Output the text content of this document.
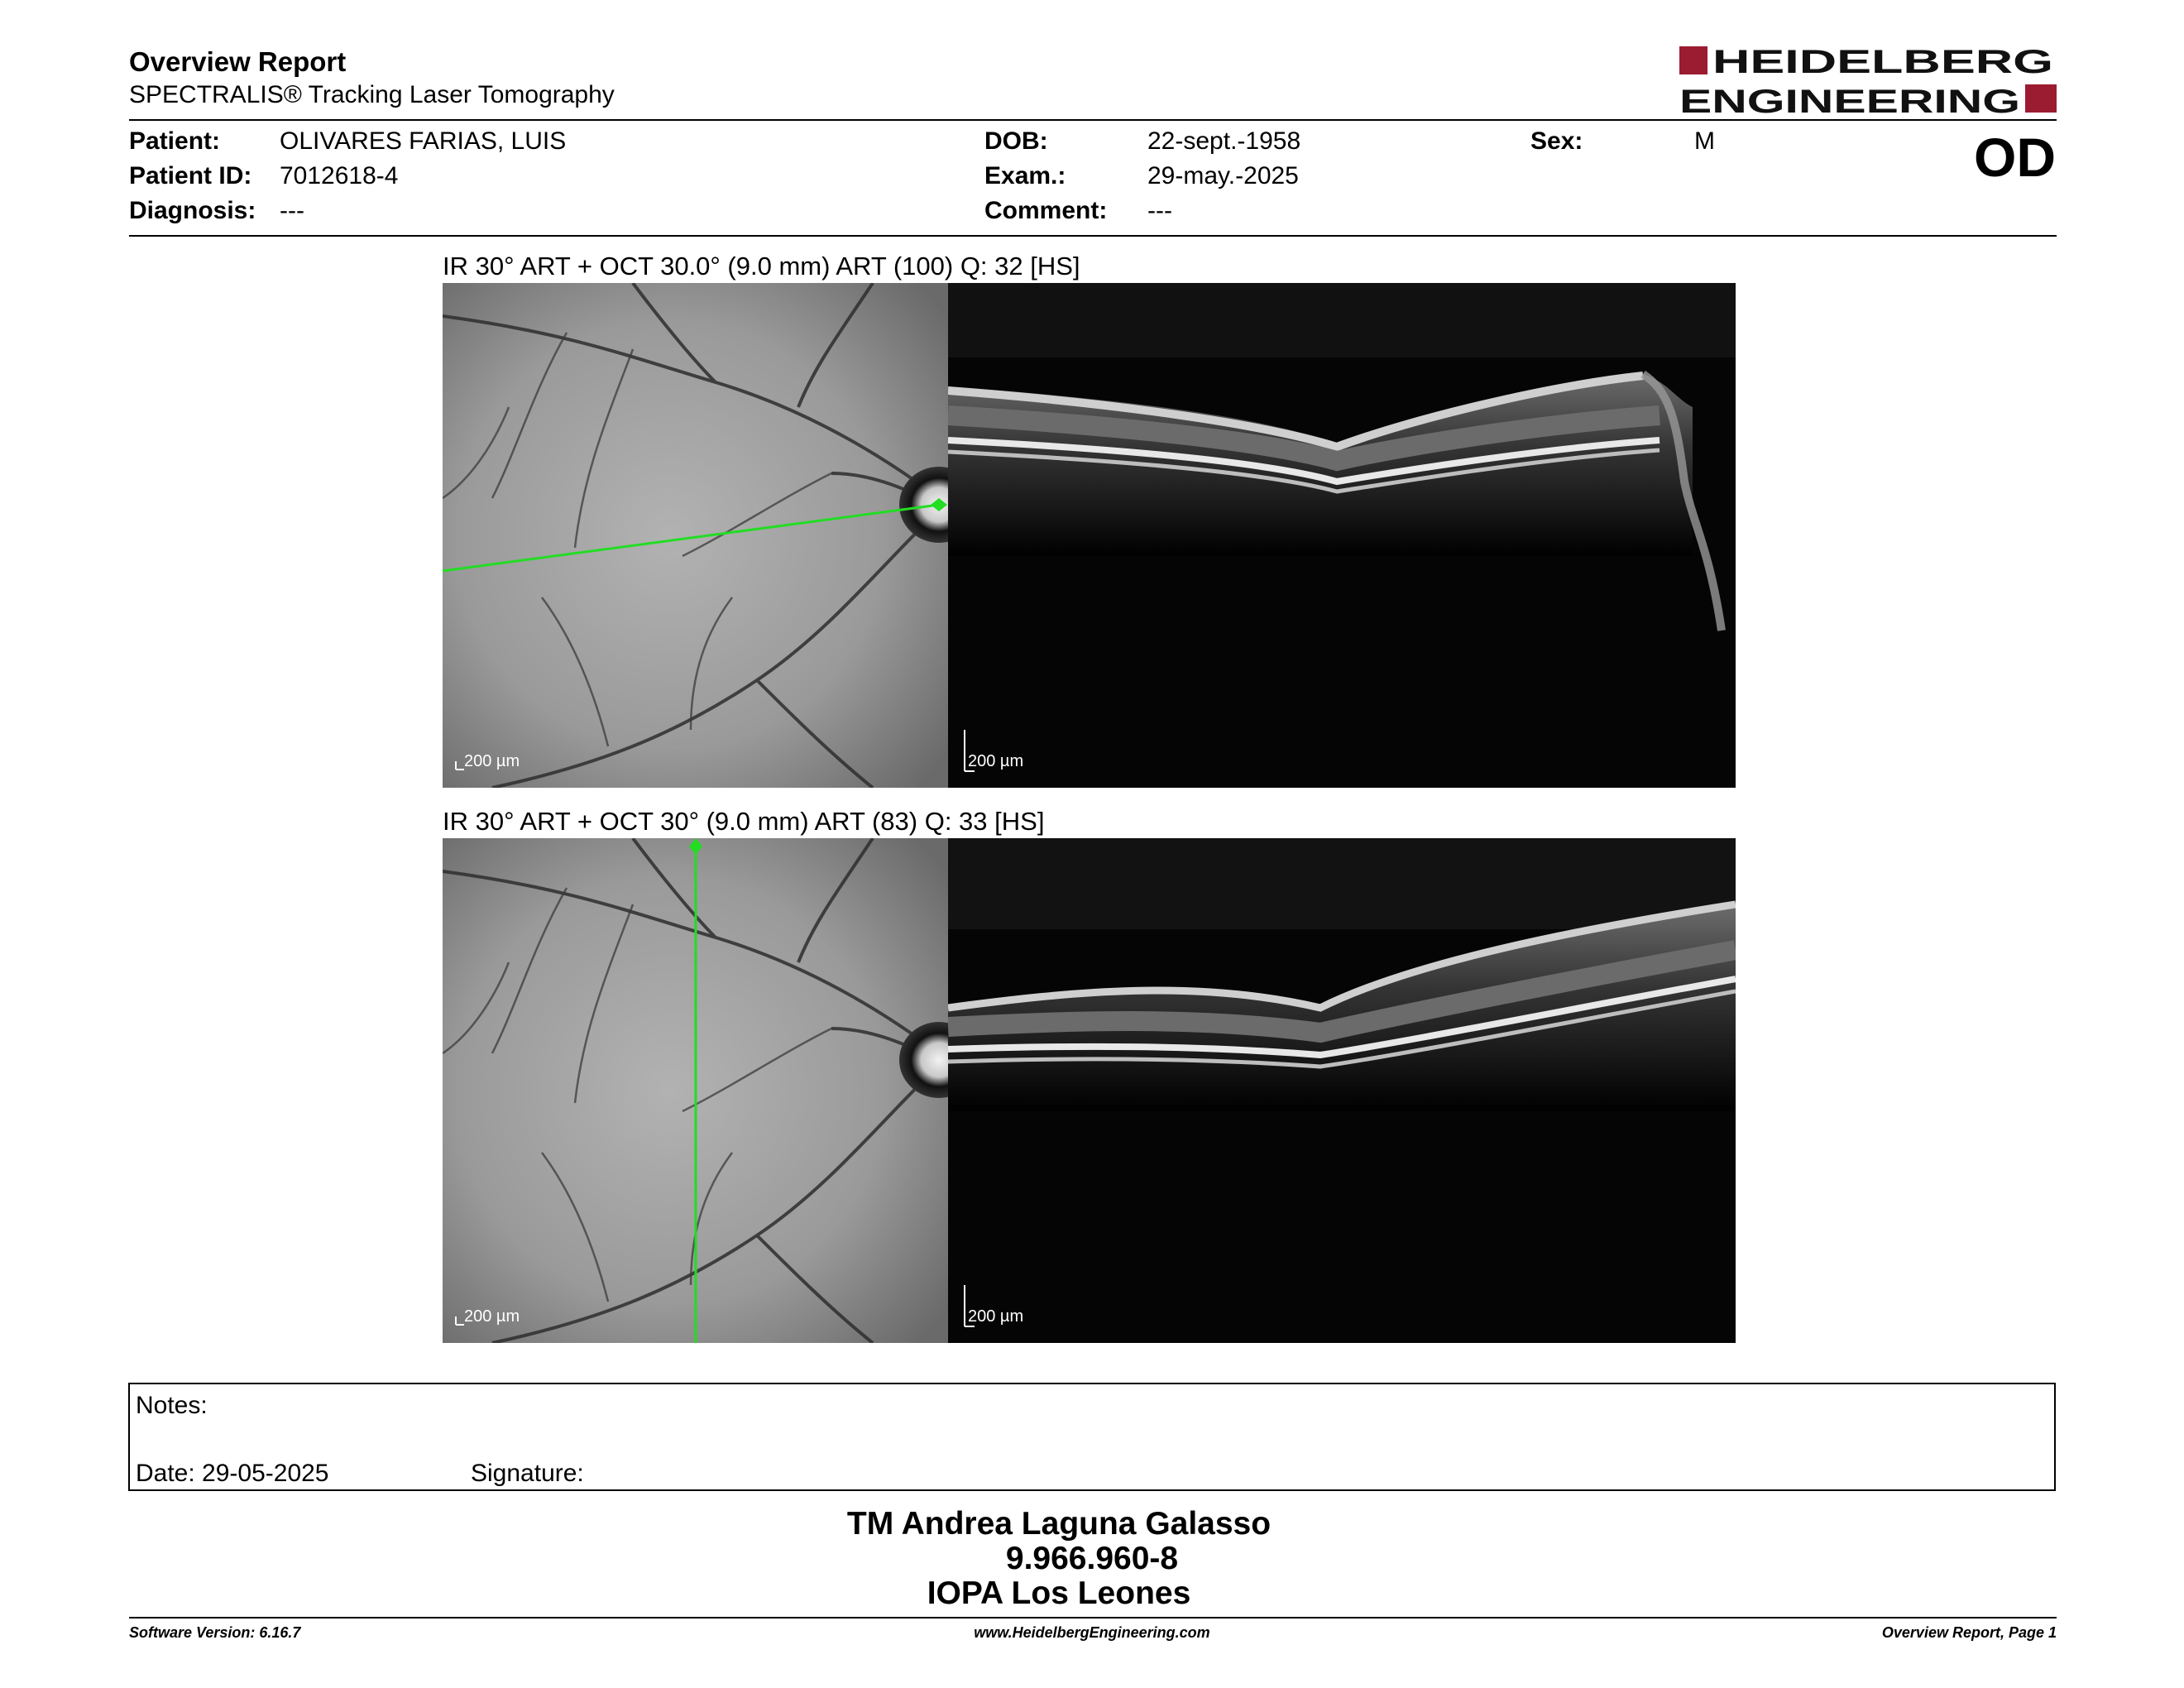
Overview Report
SPECTRALIS® Tracking Laser Tomography
HEIDELBERG
ENGINEERING
Patient: OLIVARES FARIAS, LUIS
Patient ID: 7012618-4
Diagnosis: ---
DOB:	22-sept.-1958
Exam.:	29-may.-2025
Comment: ---
Sex:	M	OD
IR 30° ART + OCT 30.0° (9.0 mm) ART (100) Q: 32 [HS]
200 µm	200 µm
IR 30° ART + OCT 30° (9.0 mm) ART (83) Q: 33 [HS]
200 µm	200 µm
Notes:
Date: 29-05-2025	Signature:
TM Andrea Laguna Galasso
9.966.960-8
IOPA Los Leones
Software Version: 6.16.7	www.HeidelbergEngineering.com	Overview Report, Page 1
